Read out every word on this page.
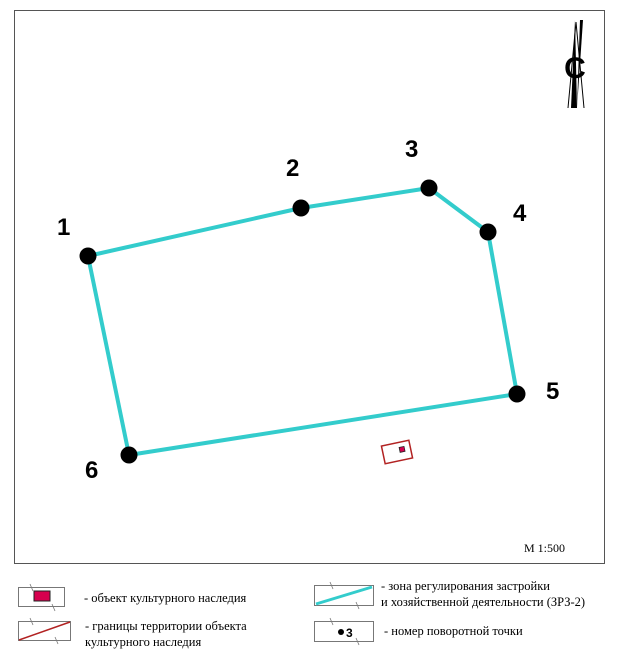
С
1
2
3
4
5
6
М 1:500
- объект культурного наследия
- границы территории объекта
культурного наследия
- зона регулирования застройки
и хозяйственной деятельности (ЗРЗ-2)
3	- номер поворотной точки
